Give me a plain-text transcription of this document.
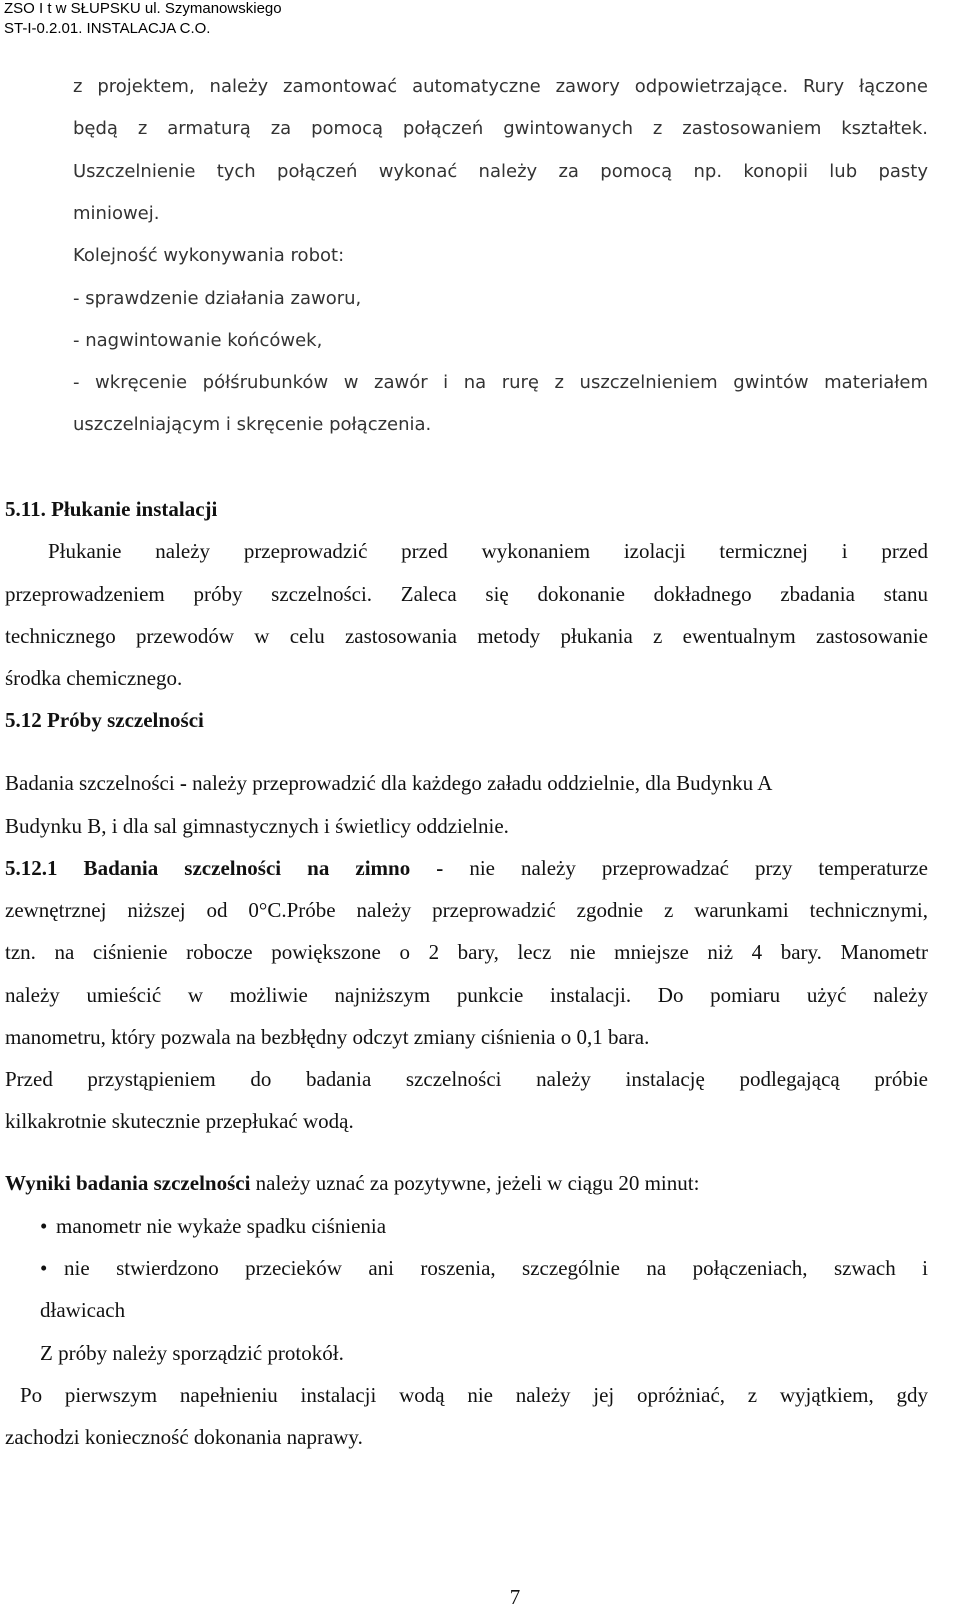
ZSO I t w SŁUPSKU ul. Szymanowskiego
ST-I-0.2.01. INSTALACJA C.O.
z projektem, należy zamontować automatyczne zawory odpowietrzające. Rury łączone
będą z armaturą za pomocą połączeń gwintowanych z zastosowaniem kształtek.
Uszczelnienie tych połączeń wykonać należy za pomocą np. konopii lub pasty
miniowej.
Kolejność wykonywania robot:
- sprawdzenie działania zaworu,
- nagwintowanie końcówek,
- wkręcenie półśrubunków w zawór i na rurę z uszczelnieniem gwintów materiałem
uszczelniającym i skręcenie połączenia.
5.11. Płukanie instalacji
Płukanie należy przeprowadzić przed wykonaniem izolacji termicznej i przed
przeprowadzeniem próby szczelności. Zaleca się dokonanie dokładnego zbadania stanu
technicznego przewodów w celu zastosowania metody płukania z ewentualnym zastosowanie
środka chemicznego.
5.12 Próby szczelności
Badania szczelności - należy przeprowadzić dla każdego załadu oddzielnie, dla Budynku A
Budynku B, i dla sal gimnastycznych i świetlicy oddzielnie.
5.12.1 Badania szczelności na zimno - nie należy przeprowadzać przy temperaturze
zewnętrznej niższej od 0°C.Próbe należy przeprowadzić zgodnie z warunkami technicznymi,
tzn. na ciśnienie robocze powiększone o 2 bary, lecz nie mniejsze niż 4 bary. Manometr
należy umieścić w możliwie najniższym punkcie instalacji. Do pomiaru użyć należy
manometru, który pozwala na bezbłędny odczyt zmiany ciśnienia o 0,1 bara.
Przed przystąpieniem do badania szczelności należy instalację podlegającą próbie
kilkakrotnie skutecznie przepłukać wodą.
Wyniki badania szczelności należy uznać za pozytywne, jeżeli w ciągu 20 minut:
• manometr nie wykaże spadku ciśnienia
• nie stwierdzono przecieków ani roszenia, szczególnie na połączeniach, szwach i
dławicach
Z próby należy sporządzić protokół.
Po pierwszym napełnieniu instalacji wodą nie należy jej opróżniać, z wyjątkiem, gdy
zachodzi konieczność dokonania naprawy.
7
